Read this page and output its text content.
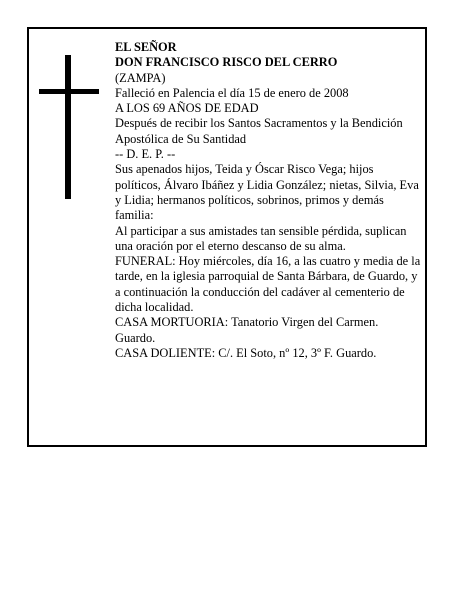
EL SEÑOR

DON FRANCISCO RISCO DEL CERRO

(ZAMPA)

Falleció en Palencia el día 15 de enero de 2008

A LOS 69 AÑOS DE EDAD

Después de recibir los Santos Sacramentos y la Bendición Apostólica de Su Santidad

-- D. E. P. --

Sus apenados hijos, Teida y Óscar Risco Vega; hijos políticos, Álvaro Ibáñez y Lidia González; nietas, Silvia, Eva y Lidia; hermanos políticos, sobrinos, primos y demás familia:

Al participar a sus amistades tan sensible pérdida, suplican una oración por el eterno descanso de su alma.

FUNERAL: Hoy miércoles, día 16, a las cuatro y media de la tarde, en la iglesia parroquial de Santa Bárbara, de Guardo, y a continuación la conducción del cadáver al cementerio de dicha localidad.

CASA MORTUORIA: Tanatorio Virgen del Carmen. Guardo.

CASA DOLIENTE: C/. El Soto, nº 12, 3º F. Guardo.
